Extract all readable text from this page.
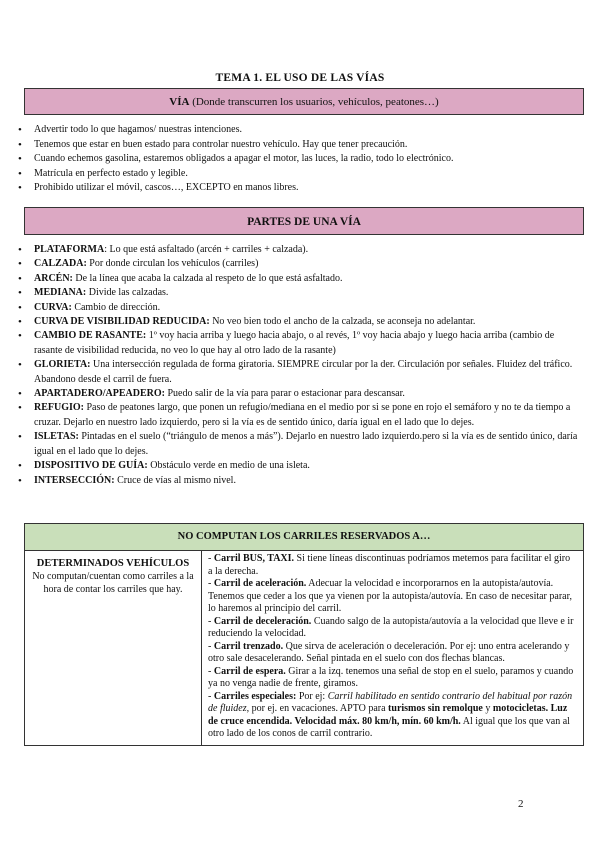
TEMA 1. EL USO DE LAS VÍAS
VÍA (Donde transcurren los usuarios, vehículos, peatones…)
• Advertir todo lo que hagamos/ nuestras intenciones.
• Tenemos que estar en buen estado para controlar nuestro vehículo. Hay que tener precaución.
• Cuando echemos gasolina, estaremos obligados a apagar el motor, las luces, la radio, todo lo electrónico.
• Matrícula en perfecto estado y legible.
• Prohibido utilizar el móvil, cascos…, EXCEPTO en manos libres.
PARTES DE UNA VÍA
• PLATAFORMA: Lo que está asfaltado (arcén + carriles + calzada).
• CALZADA: Por donde circulan los vehículos (carriles)
• ARCÉN: De la línea que acaba la calzada al respeto de lo que está asfaltado.
• MEDIANA: Divide las calzadas.
• CURVA: Cambio de dirección.
• CURVA DE VISIBILIDAD REDUCIDA: No veo bien todo el ancho de la calzada, se aconseja no adelantar.
• CAMBIO DE RASANTE: 1º voy hacia arriba y luego hacia abajo, o al revés, 1º voy hacia abajo y luego hacia arriba (cambio de rasante de visibilidad reducida, no veo lo que hay al otro lado de la rasante)
• GLORIETA: Una intersección regulada de forma giratoria. SIEMPRE circular por la der. Circulación por señales. Fluidez del tráfico. Abandono desde el carril de fuera.
• APARTADERO/APEADERO: Puedo salir de la vía para parar o estacionar para descansar.
• REFUGIO: Paso de peatones largo, que ponen un refugio/mediana en el medio por si se pone en rojo el semáforo y no te da tiempo a cruzar. Dejarlo en nuestro lado izquierdo, pero si la vía es de sentido único, daría igual en el lado que lo dejes.
• ISLETAS: Pintadas en el suelo (“triángulo de menos a más”). Dejarlo en nuestro lado izquierdo.pero si la vía es de sentido único, daría igual en el lado que lo dejes.
• DISPOSITIVO DE GUÍA: Obstáculo verde en medio de una isleta.
• INTERSECCIÓN: Cruce de vías al mismo nivel.
NO COMPUTAN LOS CARRILES RESERVADOS A…

DETERMINADOS VEHÍCULOS
No computan/cuentan como carriles a la hora de contar los carriles que hay.	

- Carril BUS, TAXI. Si tiene líneas discontinuas podríamos metemos para facilitar el giro a la derecha.

- Carril de aceleración. Adecuar la velocidad e incorporarnos en la autopista/autovía. Tenemos que ceder a los que ya vienen por la autopista/autovía. En caso de necesitar parar, lo haremos al principio del carril.

- Carril de deceleración. Cuando salgo de la autopista/autovía a la velocidad que lleve e ir reduciendo la velocidad.

- Carril trenzado. Que sirva de aceleración o deceleración. Por ej: uno entra acelerando y otro sale desacelerando. Señal pintada en el suelo con dos flechas blancas.

- Carril de espera. Girar a la izq. tenemos una señal de stop en el suelo, paramos y cuando ya no venga nadie de frente, giramos.

- Carriles especiales: Por ej: Carril habilitado en sentido contrario del habitual por razón de fluidez, por ej. en vacaciones. APTO para turismos sin remolque y motocicletas. Luz de cruce encendida. Velocidad máx. 80 km/h, mín. 60 km/h. Al igual que los que van al otro lado de los conos de carril contrario.

2
